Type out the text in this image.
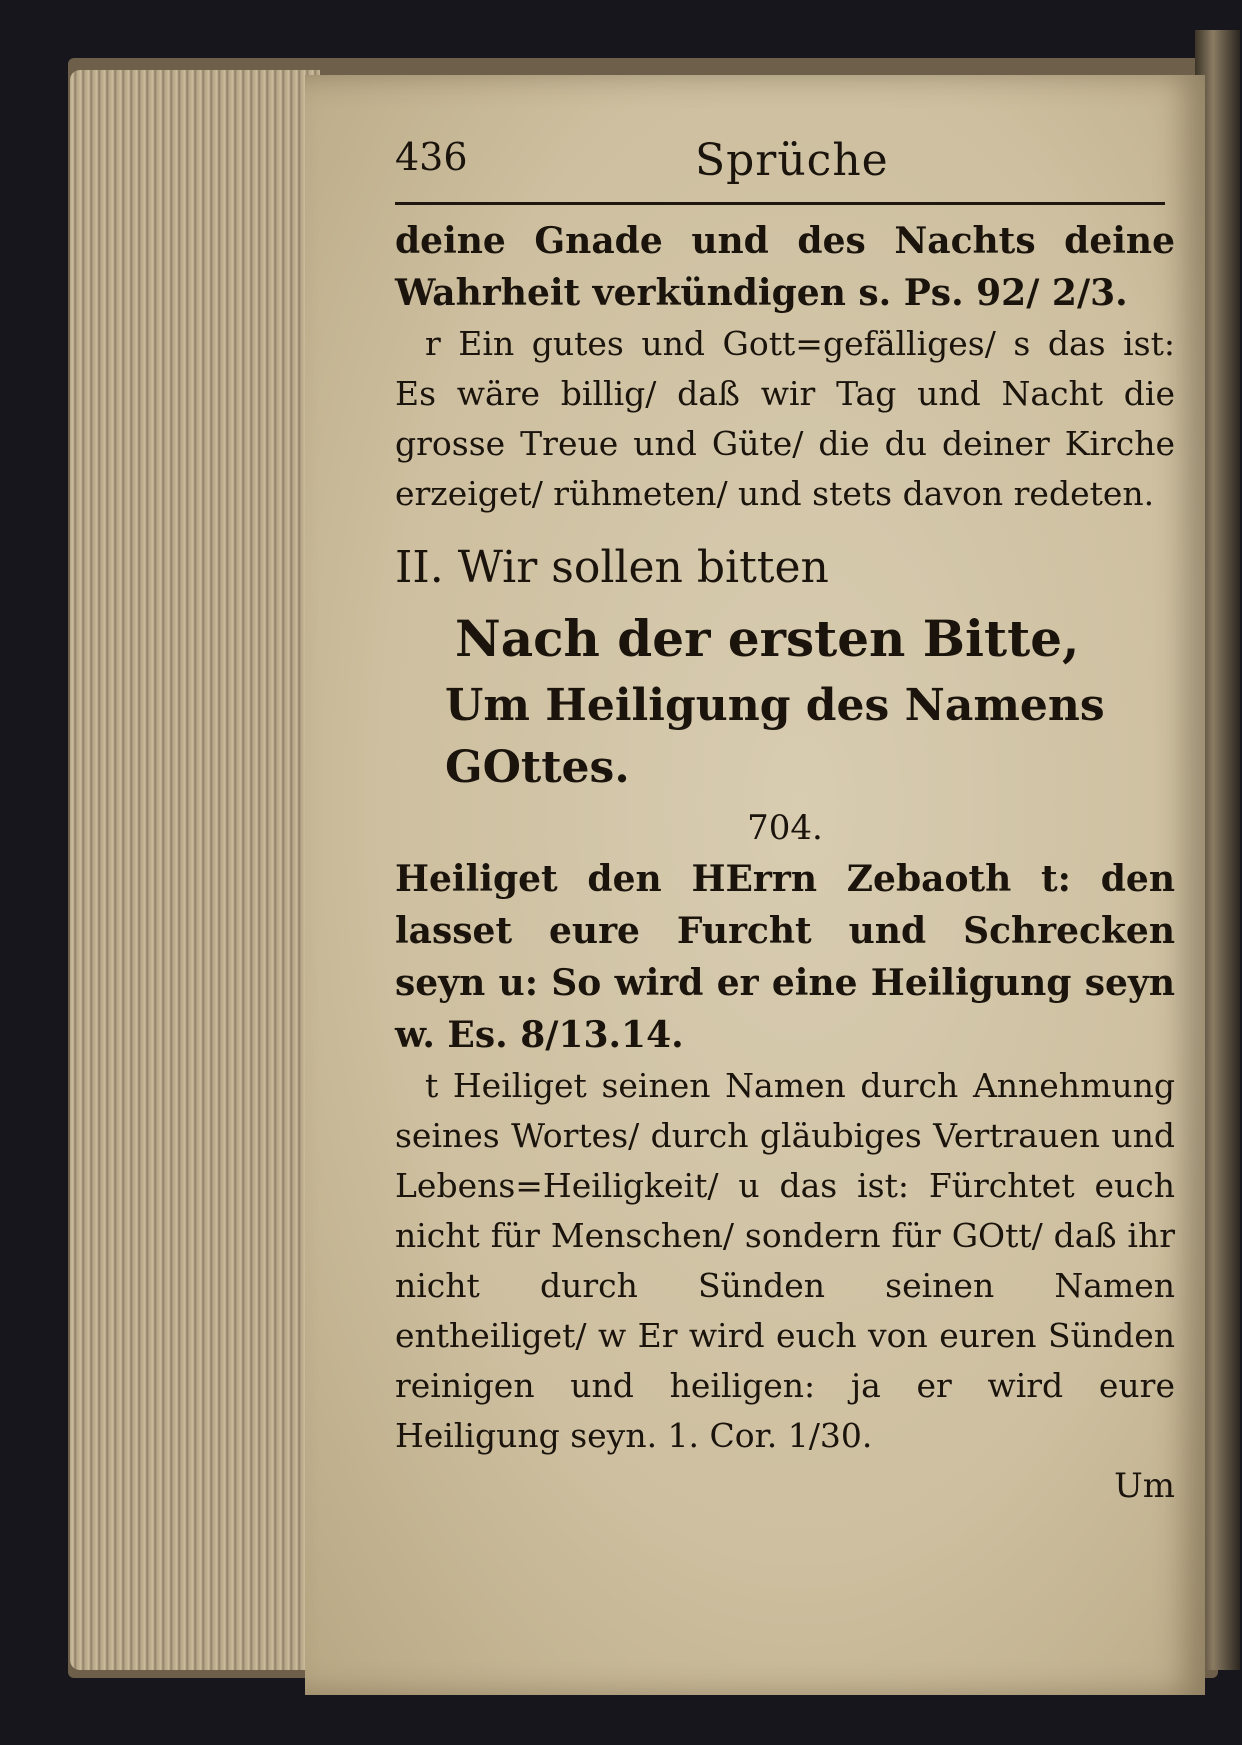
436	Sprüche

deine Gnade und des Nachts deine Wahrheit verkündigen s. Ps. 92/ 2/3.

r Ein gutes und Gott=gefälliges/ s das ist: Es wäre billig/ daß wir Tag und Nacht die grosse Treue und Güte/ die du deiner Kirche erzeiget/ rühmeten/ und stets davon redeten.

II. Wir sollen bitten

Nach der ersten Bitte,

Um Heiligung des Namens GOttes.

704.

Heiliget den HErrn Zebaoth t: den lasset eure Furcht und Schrecken seyn u: So wird er eine Heiligung seyn w. Es. 8/13.14.

t Heiliget seinen Namen durch Annehmung seines Wortes/ durch gläubiges Vertrauen und Lebens=Heiligkeit/ u das ist: Fürchtet euch nicht für Menschen/ sondern für GOtt/ daß ihr nicht durch Sünden seinen Namen entheiliget/ w Er wird euch von euren Sünden reinigen und heiligen: ja er wird eure Heiligung seyn. 1. Cor. 1/30.

Um
